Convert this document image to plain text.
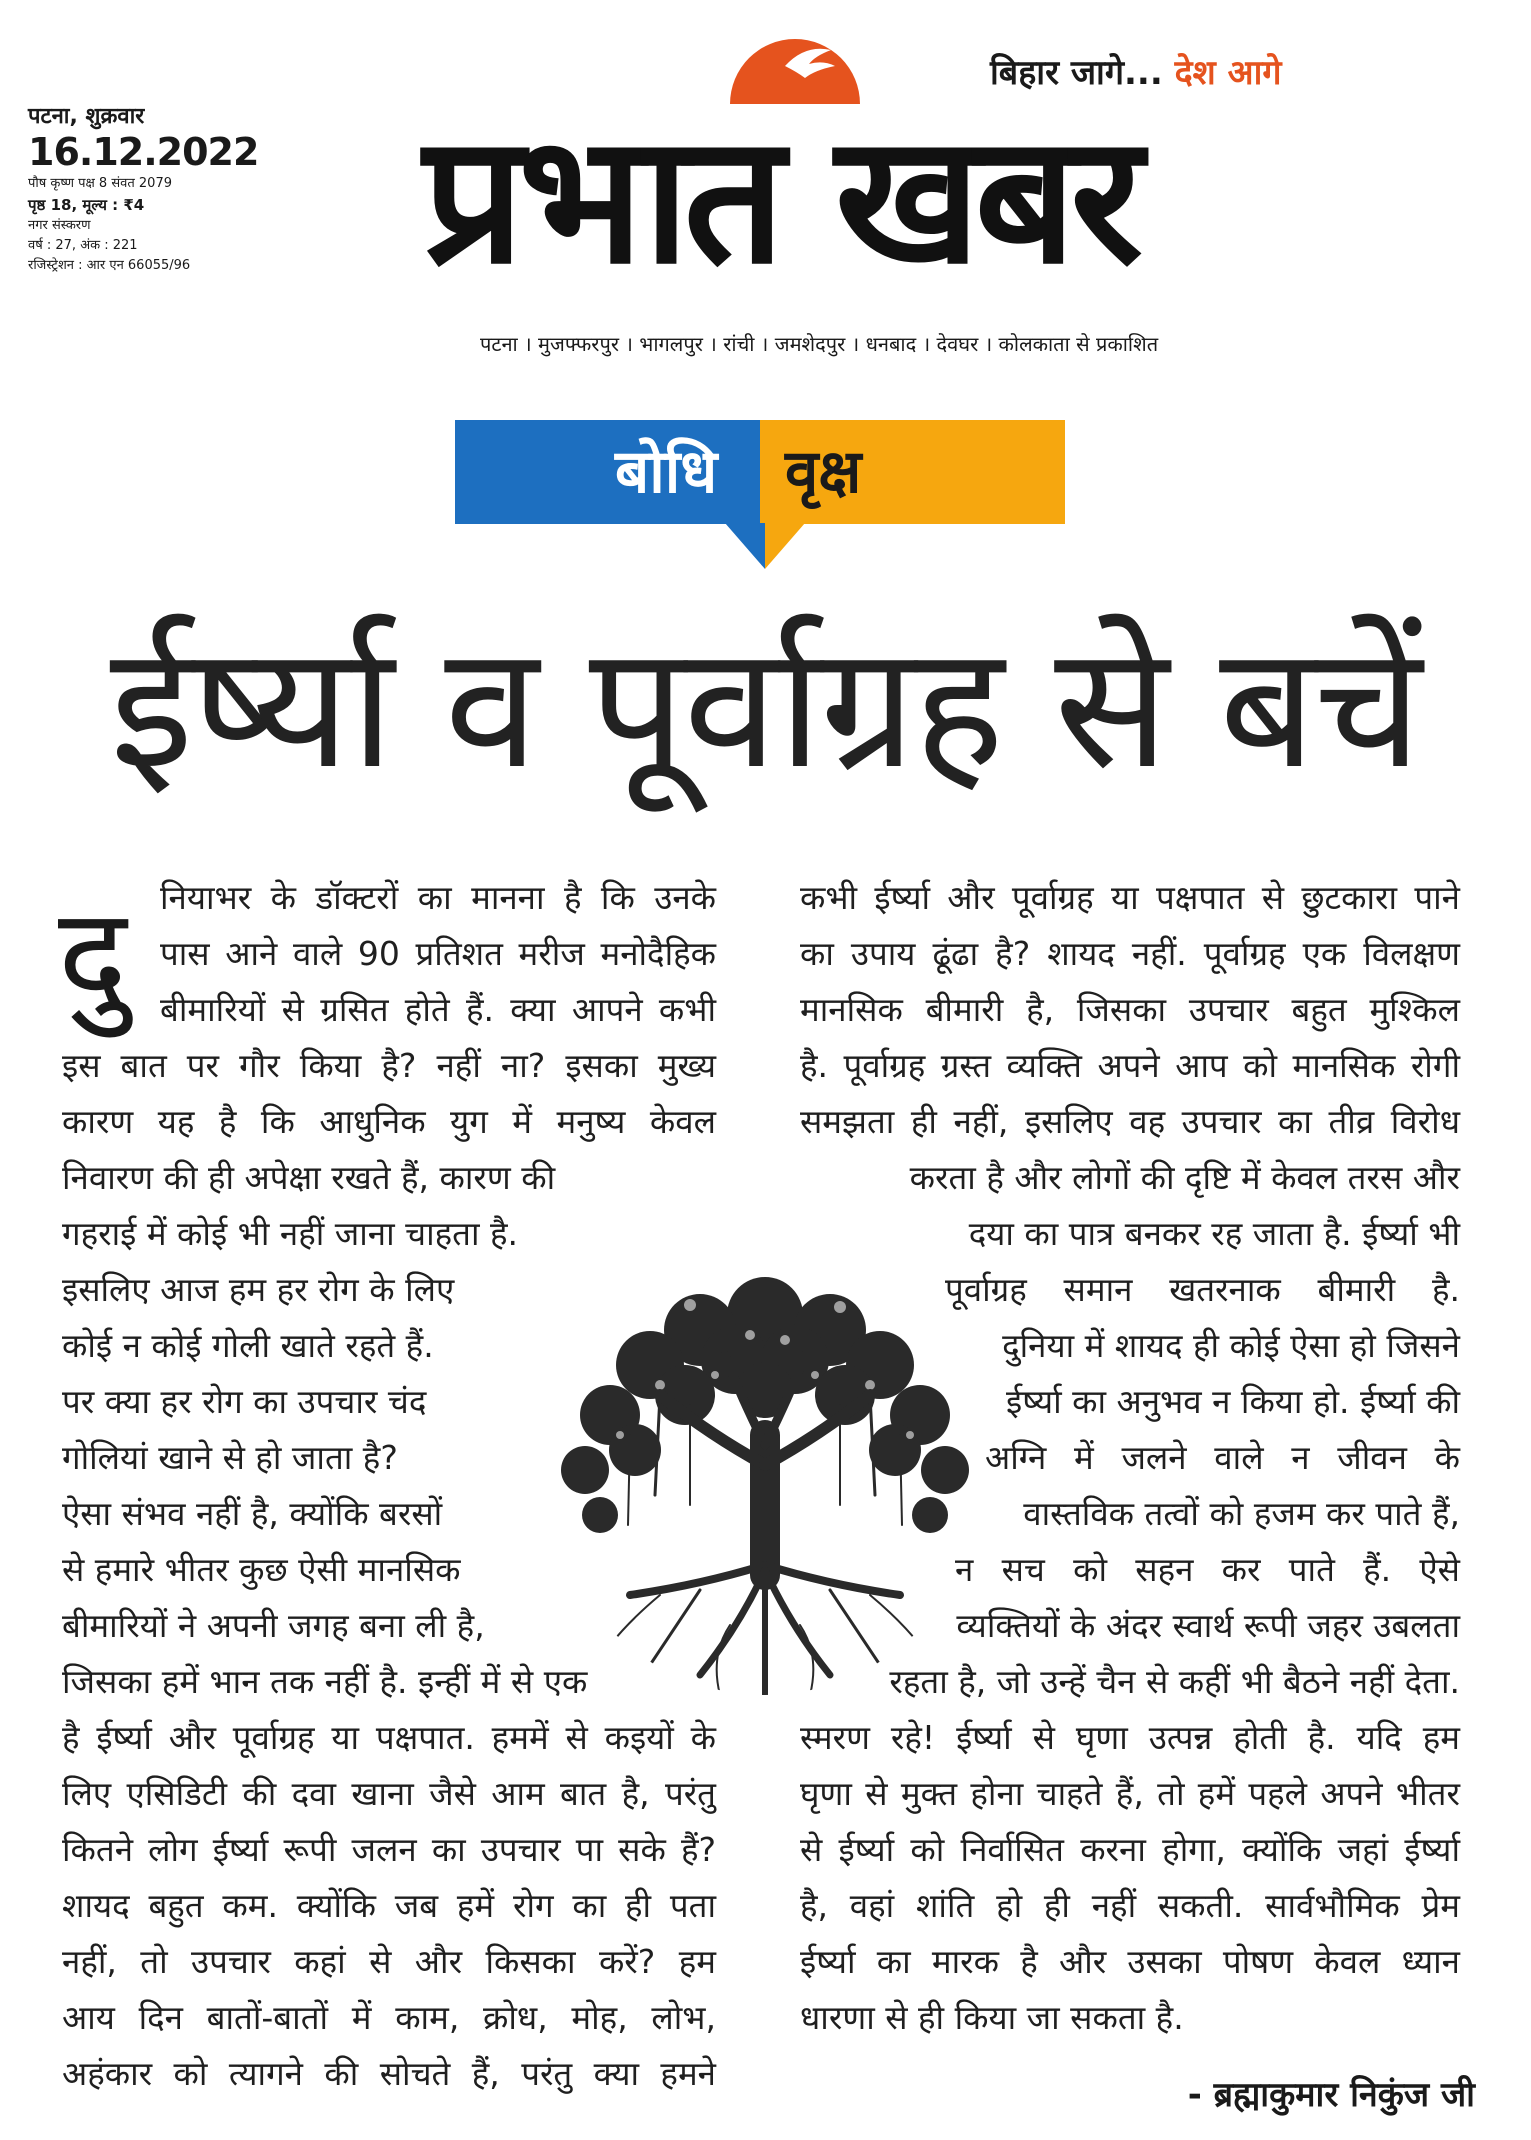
पटना, शुक्रवार
16.12.2022
पौष कृष्ण पक्ष 8 संवत 2079
पृष्ठ 18, मूल्य : ₹4
नगर संस्करण
वर्ष : 27, अंक : 221
रजिस्ट्रेशन : आर एन 66055/96
बिहार जागे... देश आगे
प्रभात खबर
पटना । मुजफ्फरपुर । भागलपुर । रांची । जमशेदपुर । धनबाद । देवघर । कोलकाता से प्रकाशित
बोधि वृक्ष
ईर्ष्या व पूर्वाग्रह से बचें
दु नियाभर के डॉक्टरों का मानना है कि उनके
पास आने वाले 90 प्रतिशत मरीज मनोदैहिक
बीमारियों से ग्रसित होते हैं. क्या आपने कभी
इस बात पर गौर किया है? नहीं ना? इसका मुख्य
कारण यह है कि आधुनिक युग में मनुष्य केवल
निवारण की ही अपेक्षा रखते हैं, कारण की
गहराई में कोई भी नहीं जाना चाहता है.
इसलिए आज हम हर रोग के लिए
कोई न कोई गोली खाते रहते हैं.
पर क्या हर रोग का उपचार चंद
गोलियां खाने से हो जाता है?
ऐसा संभव नहीं है, क्योंकि बरसों
से हमारे भीतर कुछ ऐसी मानसिक
बीमारियों ने अपनी जगह बना ली है,
जिसका हमें भान तक नहीं है. इन्हीं में से एक
है ईर्ष्या और पूर्वाग्रह या पक्षपात. हममें से कइयों के
लिए एसिडिटी की दवा खाना जैसे आम बात है, परंतु
कितने लोग ईर्ष्या रूपी जलन का उपचार पा सके हैं?
शायद बहुत कम. क्योंकि जब हमें रोग का ही पता
नहीं, तो उपचार कहां से और किसका करें? हम
आय दिन बातों-बातों में काम, क्रोध, मोह, लोभ,
अहंकार को त्यागने की सोचते हैं, परंतु क्या हमने
कभी ईर्ष्या और पूर्वाग्रह या पक्षपात से छुटकारा पाने
का उपाय ढूंढा है? शायद नहीं. पूर्वाग्रह एक विलक्षण
मानसिक बीमारी है, जिसका उपचार बहुत मुश्किल
है. पूर्वाग्रह ग्रस्त व्यक्ति अपने आप को मानसिक रोगी
समझता ही नहीं, इसलिए वह उपचार का तीव्र विरोध
करता है और लोगों की दृष्टि में केवल तरस और
दया का पात्र बनकर रह जाता है. ईर्ष्या भी
पूर्वाग्रह समान खतरनाक बीमारी है.
दुनिया में शायद ही कोई ऐसा हो जिसने
ईर्ष्या का अनुभव न किया हो. ईर्ष्या की
अग्नि में जलने वाले न जीवन के
वास्तविक तत्वों को हजम कर पाते हैं,
न सच को सहन कर पाते हैं. ऐसे
व्यक्तियों के अंदर स्वार्थ रूपी जहर उबलता
रहता है, जो उन्हें चैन से कहीं भी बैठने नहीं देता.
स्मरण रहे! ईर्ष्या से घृणा उत्पन्न होती है. यदि हम
घृणा से मुक्त होना चाहते हैं, तो हमें पहले अपने भीतर
से ईर्ष्या को निर्वासित करना होगा, क्योंकि जहां ईर्ष्या
है, वहां शांति हो ही नहीं सकती. सार्वभौमिक प्रेम
ईर्ष्या का मारक है और उसका पोषण केवल ध्यान
धारणा से ही किया जा सकता है.
- ब्रह्माकुमार निकुंज जी
